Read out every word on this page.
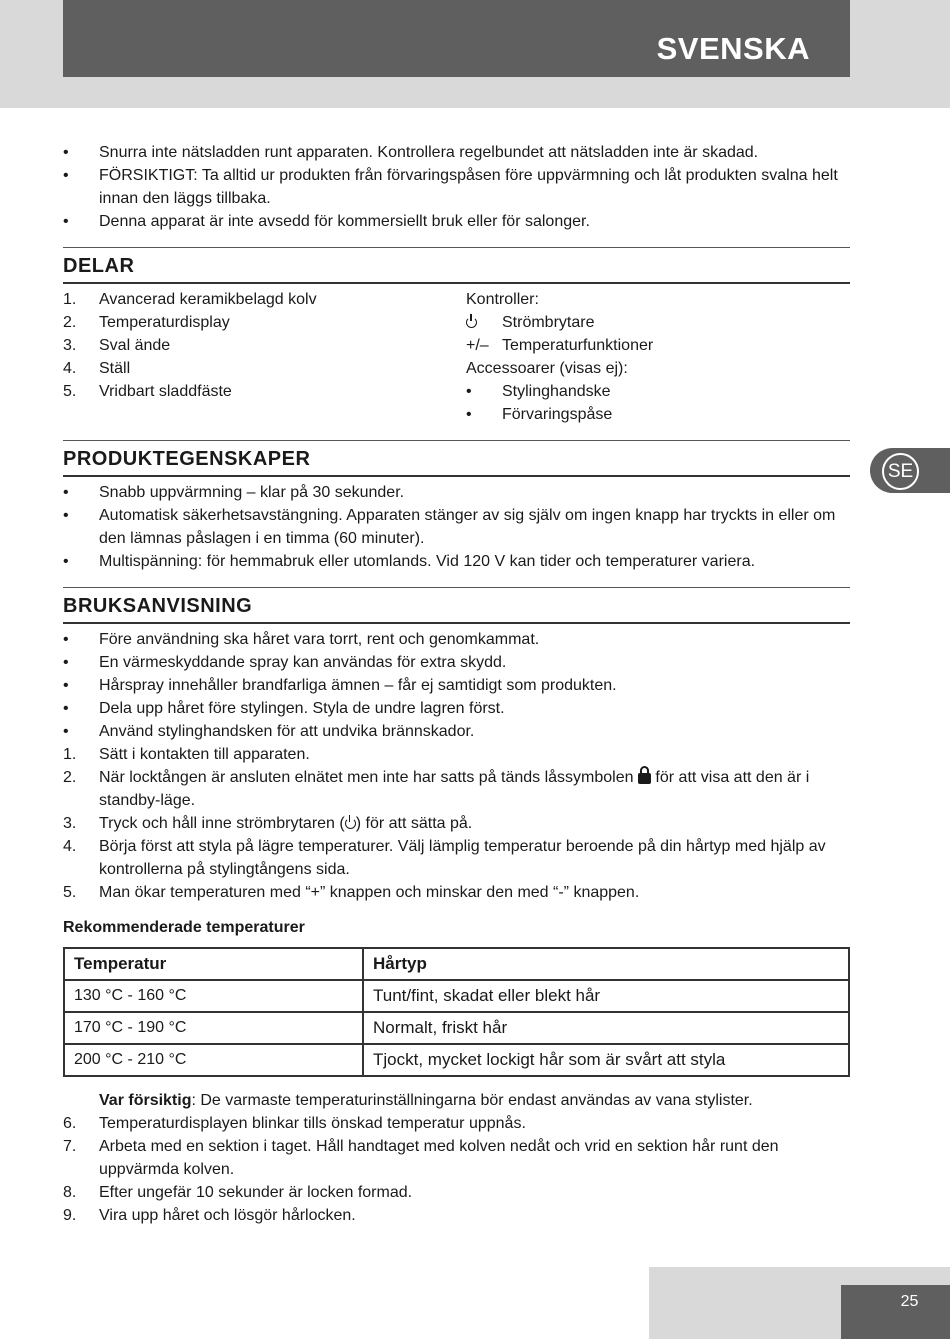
SVENSKA
SE

• Snurra inte nätsladden runt apparaten. Kontrollera regelbundet att nätsladden inte är skadad.

• FÖRSIKTIGT: Ta alltid ur produkten från förvaringspåsen före uppvärmning och låt produkten svalna helt innan den läggs tillbaka.

• Denna apparat är inte avsedd för kommersiellt bruk eller för salonger.

DELAR

1. Avancerad keramikbelagd kolv

2. Temperaturdisplay

3. Sval ände

4. Ställ

5. Vridbart sladdfäste

Kontroller:

Strömbrytare

+/– Temperaturfunktioner

Accessoarer (visas ej):

• Stylinghandske

• Förvaringspåse

PRODUKTEGENSKAPER

• Snabb uppvärmning – klar på 30 sekunder.

• Automatisk säkerhetsavstängning. Apparaten stänger av sig själv om ingen knapp har tryckts in eller om den lämnas påslagen i en timma (60 minuter).

• Multispänning: för hemmabruk eller utomlands. Vid 120 V kan tider och temperaturer variera.

BRUKSANVISNING

• Före användning ska håret vara torrt, rent och genomkammat.

• En värmeskyddande spray kan användas för extra skydd.

• Hårspray innehåller brandfarliga ämnen – får ej samtidigt som produkten.

• Dela upp håret före stylingen. Styla de undre lagren först.

• Använd stylinghandsken för att undvika brännskador.

1. Sätt i kontakten till apparaten.

2. När locktången är ansluten elnätet men inte har satts på tänds låssymbolen  för att visa att den är i standby-läge.

3. Tryck och håll inne strömbrytaren ( ) för att sätta på.

4. Börja först att styla på lägre temperaturer. Välj lämplig temperatur beroende på din hårtyp med hjälp av kontrollerna på stylingtångens sida.

5. Man ökar temperaturen med “+” knappen och minskar den med “-” knappen.

Rekommenderade temperaturer
Temperatur	Hårtyp
130 °C - 160 °C	Tunt/fint, skadat eller blekt hår
170 °C - 190 °C	Normalt, friskt hår
200 °C - 210 °C	Tjockt, mycket lockigt hår som är svårt att styla

Var försiktig: De varmaste temperaturinställningarna bör endast användas av vana stylister.

6. Temperaturdisplayen blinkar tills önskad temperatur uppnås.

7. Arbeta med en sektion i taget. Håll handtaget med kolven nedåt och vrid en sektion hår runt den uppvärmda kolven.

8. Efter ungefär 10 sekunder är locken formad.

9. Vira upp håret och lösgör hårlocken.

25
